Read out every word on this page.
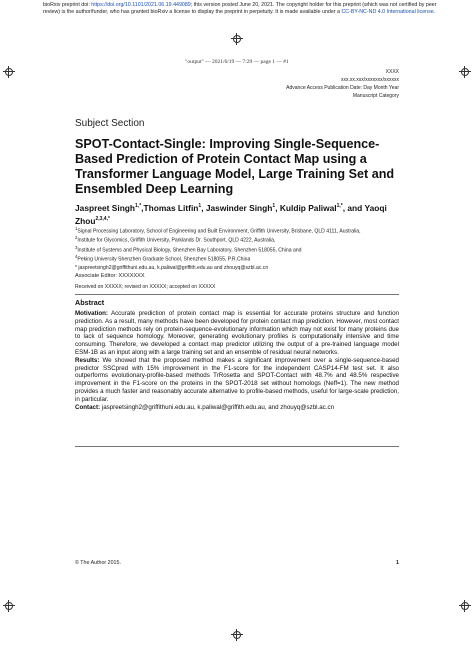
bioRxiv preprint doi: https://doi.org/10.1101/2021.06.19.449089; this version posted June 20, 2021. The copyright holder for this preprint (which was not certified by peer
review) is the author/funder, who has granted bioRxiv a license to display the preprint in perpetuity. It is made available under a CC-BY-NC-ND 4.0 International license.
"output" — 2021/6/19 — 7:29 — page 1 — #1
XXXX
xxx.xx.xxx/xxxxxxx/xxxxxx
Advance Access Publication Date: Day Month Year
Manuscript Category
Subject Section
SPOT-Contact-Single: Improving Single-Sequence-Based Prediction of Protein Contact Map using a Transformer Language Model, Large Training Set and Ensembled Deep Learning
Jaspreet Singh$^{1,*}$,Thomas Litfin$^1$, Jaswinder Singh$^1$, Kuldip Paliwal$^{1,*}$, and Yaoqi Zhou$^{2,3,4,*}$
$^1$Signal Processing Laboratory, School of Engineering and Built Environment, Griffith University, Brisbane, QLD 4111, Australia,
$^2$Institute for Glycomics, Griffith University, Parklands Dr. Southport, QLD 4222, Australia,
$^3$Institute of Systems and Physical Biology, Shenzhen Bay Laboratory, Shenzhen 518055, China and
$^4$Peking University Shenzhen Graduate School, Shenzhen 518055, P.R.China
* jaspreetsingh2@griffithuni.edu.au, k.paliwal@griffith.edu.au and zhouyq@szbl.ac.cn
Associate Editor: XXXXXXX
Received on XXXXX; revised on XXXXX; accepted on XXXXX
Abstract

Motivation: Accurate prediction of protein contact map is essential for accurate proteins structure and function prediction. As a result, many methods have been developed for protein contact map prediction. However, most contact map prediction methods rely on protein-sequence-evolutionary information which may not exist for many proteins due to lack of sequence homology. Moreover, generating evolutionary profiles is computationally intensive and time consuming. Therefore, we developed a contact map predictor utilizing the output of a pre-trained language model ESM-1B as an input along with a large training set and an ensemble of residual neural networks.

Results: We showed that the proposed method makes a significant improvement over a single-sequence-based predictor SSCpred with 15% improvement in the F1-score for the independent CASP14-FM test set. It also outperforms evolutionary-profile-based methods TrRosetta and SPOT-Contact with 48.7% and 48.5% respective improvement in the F1-score on the proteins in the SPOT-2018 set without homologs (Neff=1). The new method provides a much faster and reasonably accurate alternative to profile-based methods, useful for large-scale prediction, in particular.

Contact: jaspreetsingh2@griffithuni.edu.au, k.paliwal@griffith.edu.au, and zhouyq@szbl.ac.cn

© The Author 2015.	1
